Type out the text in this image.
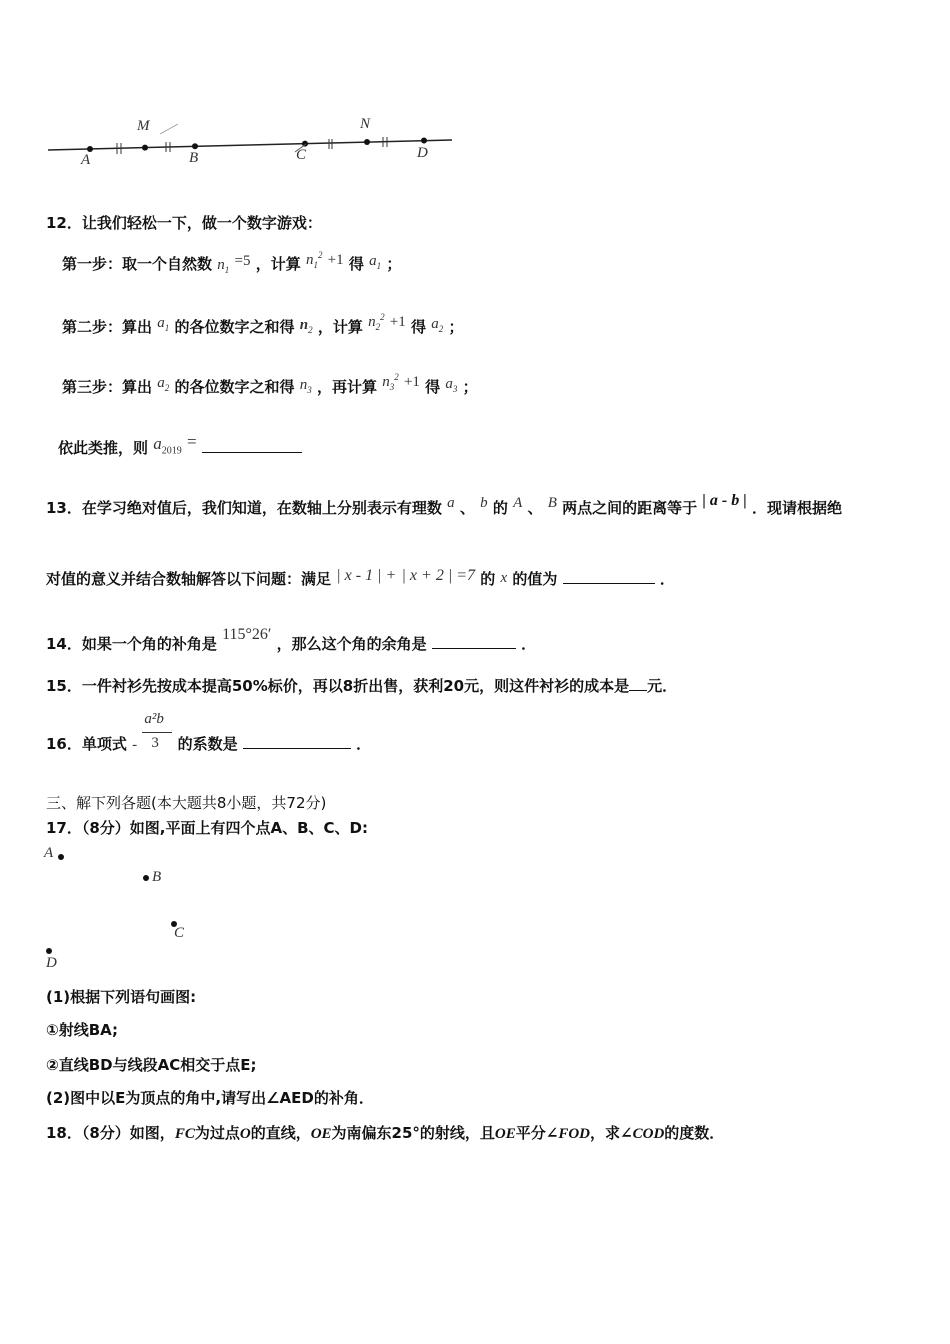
M	N
A	B	C	D
12．让我们轻松一下，做一个数字游戏：
第一步：取一个自然数 $n_1 =5$ ，计算 $n_1^2 +1$ 得 $a_1$ ；
第二步：算出 $a_1$ 的各位数字之和得 $n_2$ ，计算 $n_2^2 +1$ 得 $a_2$ ；
第三步：算出 $a_2$ 的各位数字之和得 $n_3$ ，再计算 $n_3^2 +1$ 得 $a_3$ ；
依此类推，则 $a_{2019}$ =
13．在学习绝对值后，我们知道，在数轴上分别表示有理数 a 、 b 的 A 、 B 两点之间的距离等于 | a - b | ．现请根据绝
对值的意义并结合数轴解答以下问题：满足 | x - 1 | + | x + 2 | =7 的 x 的值为	．
14．如果一个角的补角是 115°26′ ，那么这个角的余角是	．
15．一件衬衫先按成本提高50%标价，再以8折出售，获利20元，则这件衬衫的成本是 元．
16．单项式 - $\frac{\text{a²b}}{3}$ 的系数是	．
三、解下列各题(本大题共8小题，共72分)
17．（8分）如图,平面上有四个点A、B、C、D:
A
B
C
D
(1)根据下列语句画图:
①射线BA;
②直线BD与线段AC相交于点E;
(2)图中以E为顶点的角中,请写出∠AED的补角．
18．（8分）如图，FC为过点O的直线，OE为南偏东25°的射线，且OE平分∠FOD，求∠COD的度数．
